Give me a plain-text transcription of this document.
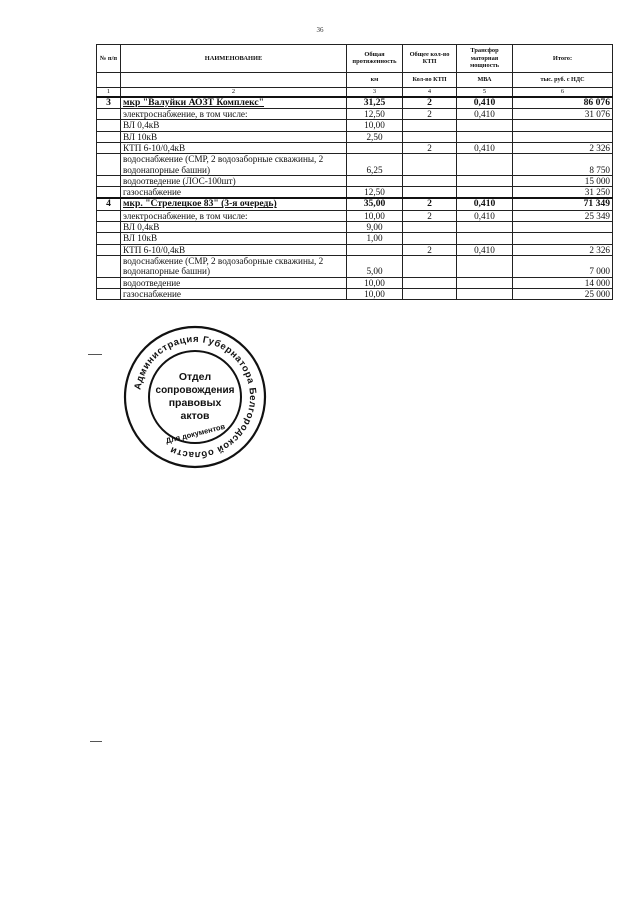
36
№ п/п	НАИМЕНОВАНИЕ	Общая протяженность	Общее кол-во КТП	Трансфор маторная мощность	Итого:
		км	Кол-во КТП	МВА	тыс. руб. с НДС
1	2	3	4	5	6
3	мкр "Валуйки АОЗТ Комплекс"	31,25	2	0,410	86 076
	электроснабжение, в том числе:	12,50	2	0,410	31 076
	ВЛ 0,4кВ	10,00			
	ВЛ 10кВ	2,50			
	КТП 6-10/0,4кВ		2	0,410	2 326
	водоснабжение (СМР, 2 водозаборные скважины, 2 водонапорные башни)	6,25			8 750
	водоотведение (ЛОС-100шт)				15 000
	газоснабжение	12,50			31 250
4	мкр. "Стрелецкое 83" (3-я очередь)	35,00	2	0,410	71 349
	электроснабжение, в том числе:	10,00	2	0,410	25 349
	ВЛ 0,4кВ	9,00			
	ВЛ 10кВ	1,00			
	КТП 6-10/0,4кВ		2	0,410	2 326
	водоснабжение (СМР, 2 водозаборные скважины, 2 водонапорные башни)	5,00			7 000
	водоотведение	10,00			14 000
	газоснабжение	10,00			25 000
Администрация Губернатора Белгородской области
Отдел
сопровождения
правовых
актов
Для документов
